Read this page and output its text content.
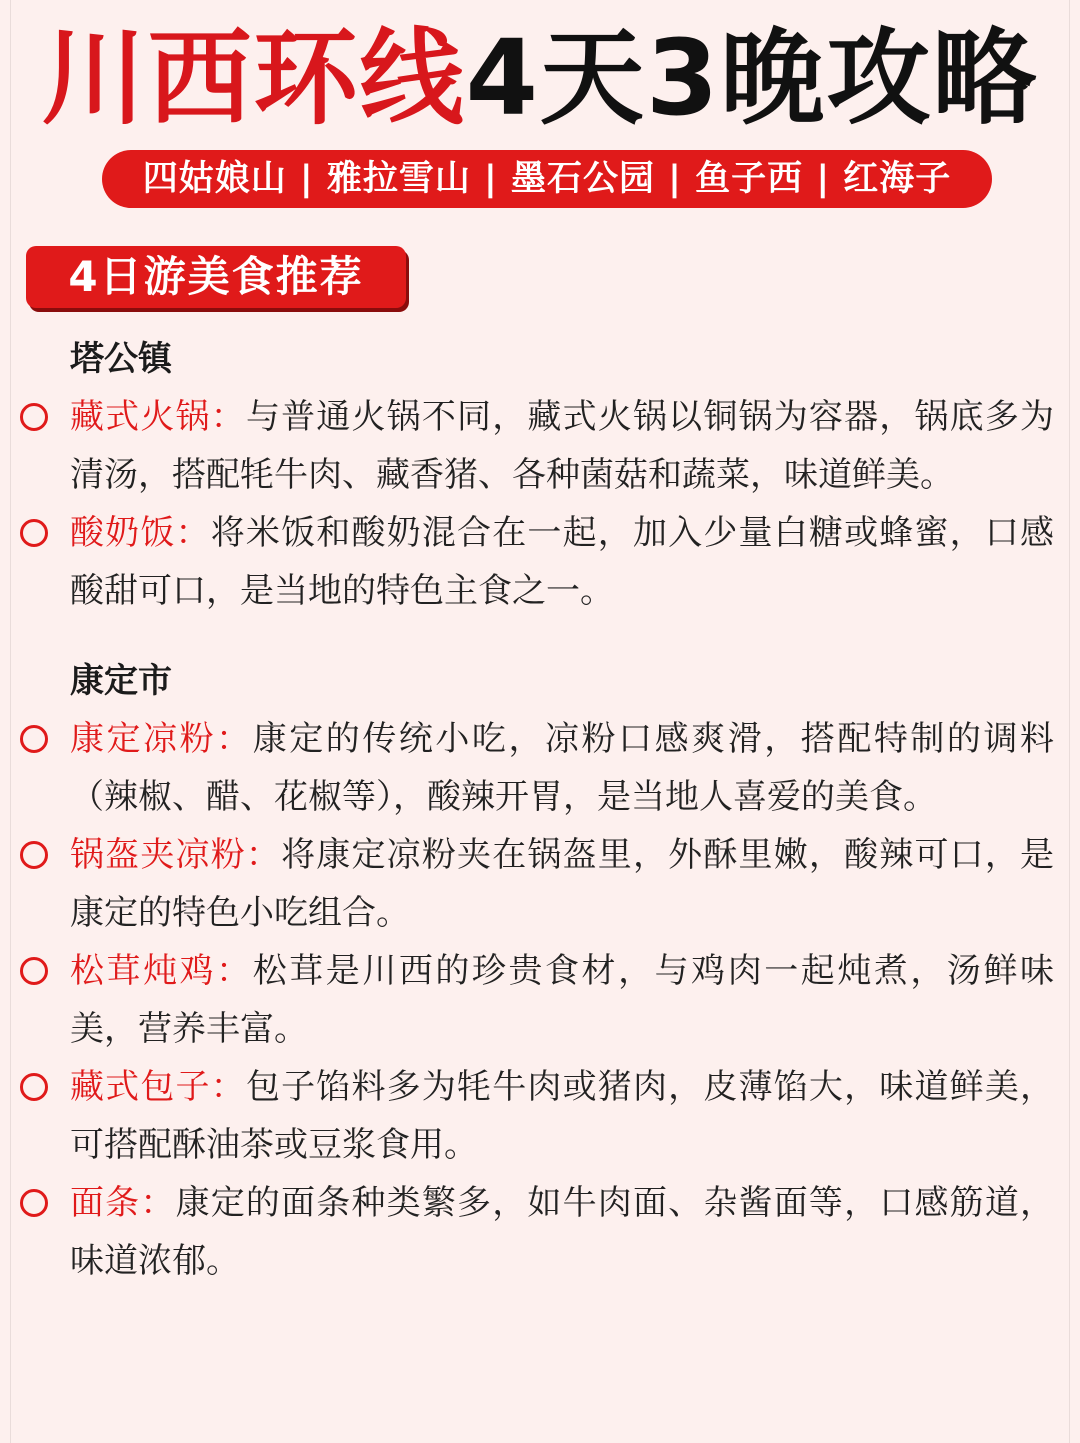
川西环线4天3晚攻略
四姑娘山 | 雅拉雪山 | 墨石公园 | 鱼子西 | 红海子
4日游美食推荐
塔公镇
藏式火锅：与普通火锅不同，藏式火锅以铜锅为容器，锅底多为清汤，搭配牦牛肉、藏香猪、各种菌菇和蔬菜，味道鲜美。
酸奶饭：将米饭和酸奶混合在一起，加入少量白糖或蜂蜜，口感酸甜可口，是当地的特色主食之一。
康定市
康定凉粉：康定的传统小吃，凉粉口感爽滑，搭配特制的调料（辣椒、醋、花椒等），酸辣开胃，是当地人喜爱的美食。
锅盔夹凉粉：将康定凉粉夹在锅盔里，外酥里嫩，酸辣可口，是康定的特色小吃组合。
松茸炖鸡：松茸是川西的珍贵食材，与鸡肉一起炖煮，汤鲜味美，营养丰富。
藏式包子：包子馅料多为牦牛肉或猪肉，皮薄馅大，味道鲜美，可搭配酥油茶或豆浆食用。
面条：康定的面条种类繁多，如牛肉面、杂酱面等，口感筋道，味道浓郁。
